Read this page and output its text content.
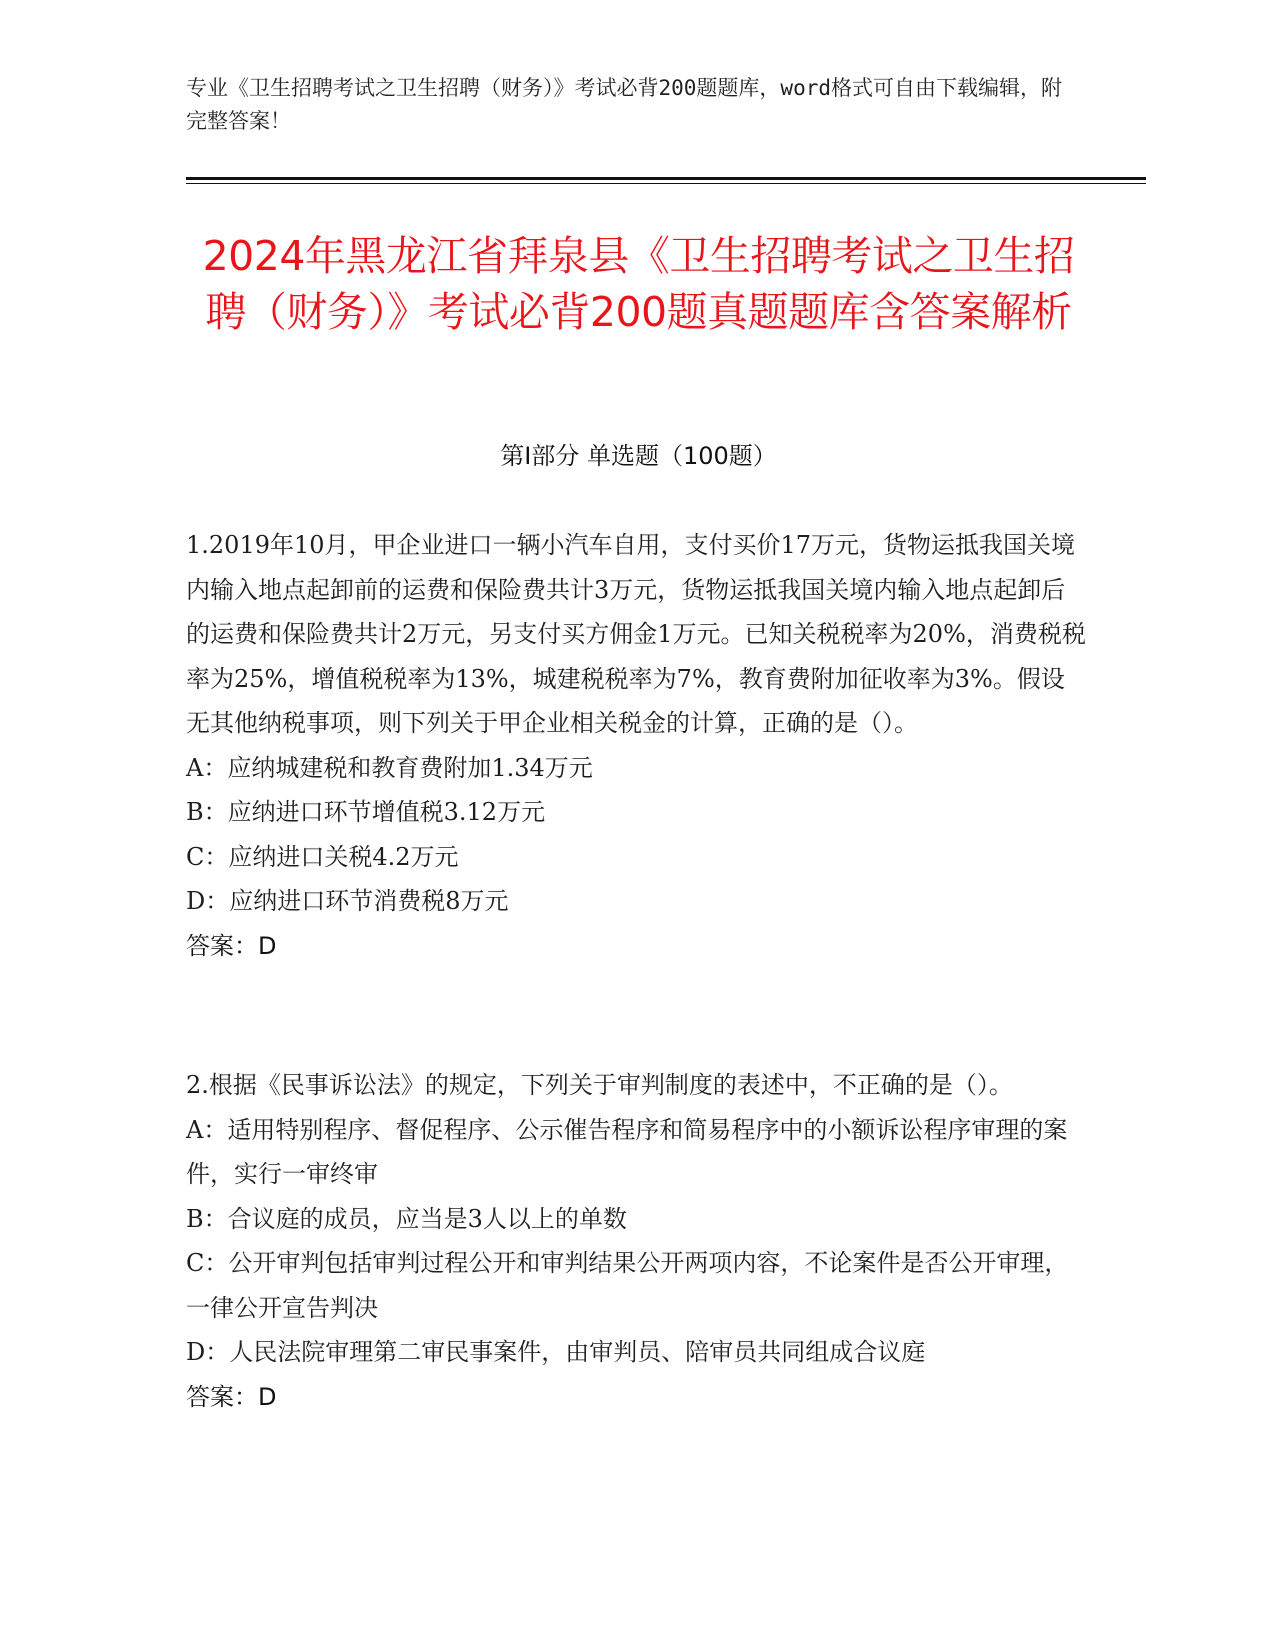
专业《卫生招聘考试之卫生招聘（财务）》考试必背200题题库，word格式可自由下载编辑，附完整答案！
2024年黑龙江省拜泉县《卫生招聘考试之卫生招聘（财务）》考试必背200题真题题库含答案解析
第Ⅰ部分 单选题（100题）

1.2019年10月，甲企业进口一辆小汽车自用，支付买价17万元，货物运抵我国关境内输入地点起卸前的运费和保险费共计3万元，货物运抵我国关境内输入地点起卸后的运费和保险费共计2万元，另支付买方佣金1万元。已知关税税率为20%，消费税税率为25%，增值税税率为13%，城建税税率为7%，教育费附加征收率为3%。假设无其他纳税事项，则下列关于甲企业相关税金的计算，正确的是（）。

A：应纳城建税和教育费附加1.34万元

B：应纳进口环节增值税3.12万元

C：应纳进口关税4.2万元

D：应纳进口环节消费税8万元

答案：D

2.根据《民事诉讼法》的规定，下列关于审判制度的表述中，不正确的是（）。

A：适用特别程序、督促程序、公示催告程序和简易程序中的小额诉讼程序审理的案件，实行一审终审

B：合议庭的成员，应当是3人以上的单数

C：公开审判包括审判过程公开和审判结果公开两项内容，不论案件是否公开审理，一律公开宣告判决

D：人民法院审理第二审民事案件，由审判员、陪审员共同组成合议庭

答案：D
